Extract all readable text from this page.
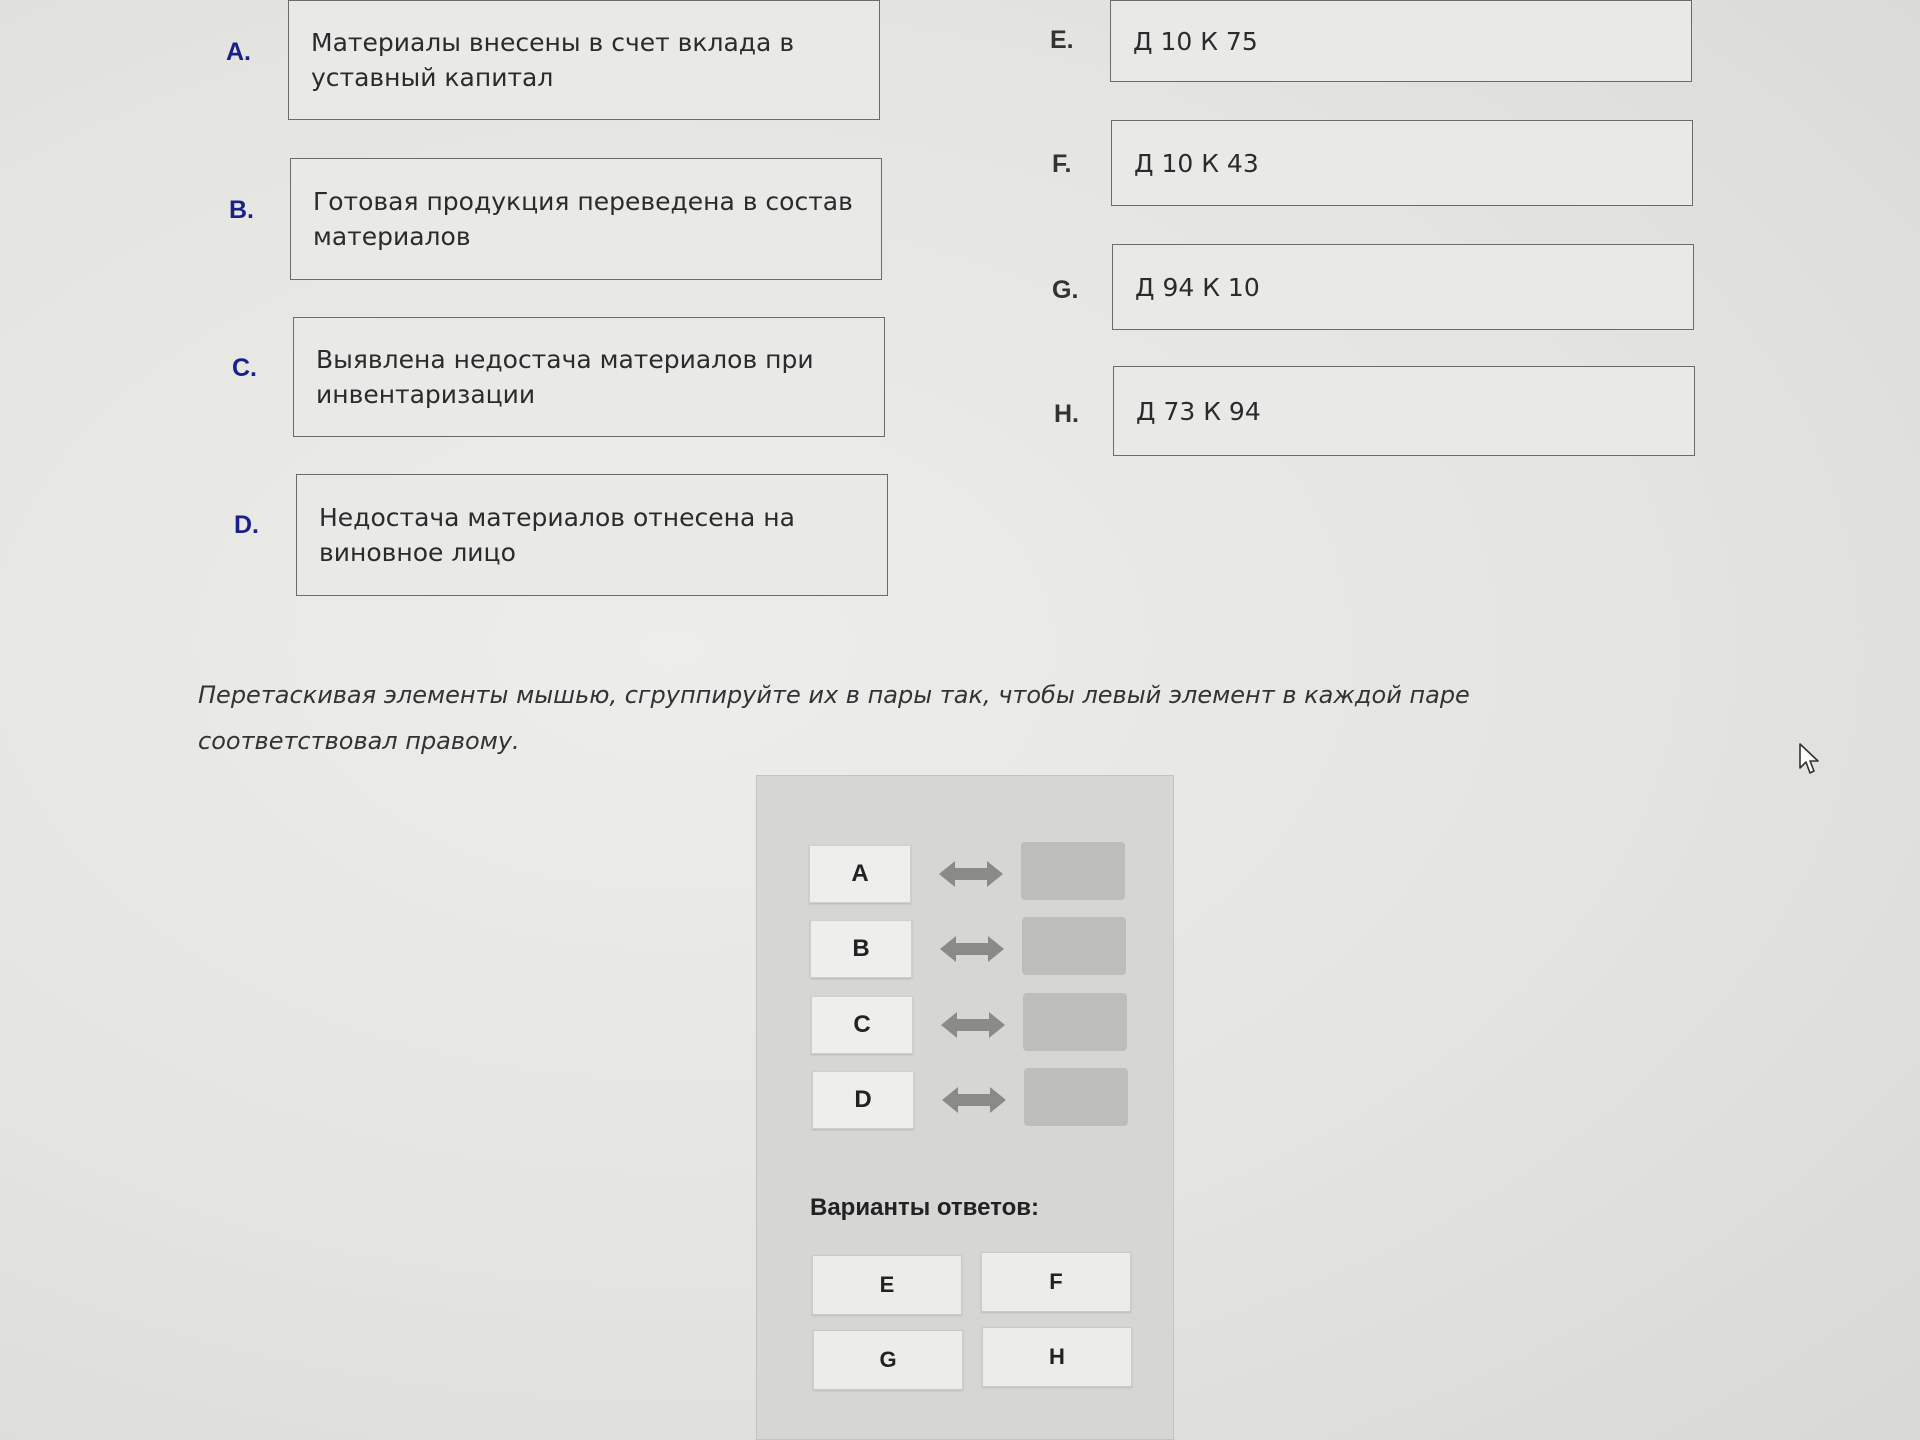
A. Материалы внесены в счет вклада в уставный капитал
B. Готовая продукция переведена в состав материалов
C. Выявлена недостача материалов при инвентаризации
D. Недостача материалов отнесена на виновное лицо
E. Д 10 К 75
F.	Д 10 К 43
G. Д 94 К 10
H. Д 73 К 94
Перетаскивая элементы мышью, сгруппируйте их в пары так, чтобы левый элемент в каждой паре соответствовал правому.
A
B
C
D
Варианты ответов:
E	F
G	H
